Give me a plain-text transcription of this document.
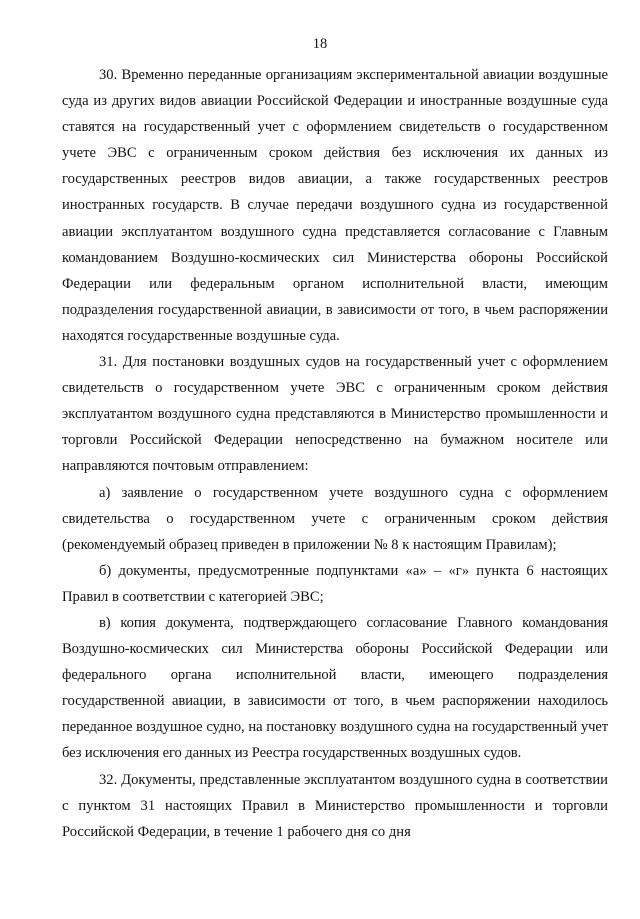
18

30. Временно переданные организациям экспериментальной авиации воздушные суда из других видов авиации Российской Федерации и иностранные воздушные суда ставятся на государственный учет с оформлением свидетельств о государственном учете ЭВС с ограниченным сроком действия без исключения их данных из государственных реестров видов авиации, а также государственных реестров иностранных государств. В случае передачи воздушного судна из государственной авиации эксплуатантом воздушного судна представляется согласование с Главным командованием Воздушно-космических сил Министерства обороны Российской Федерации или федеральным органом исполнительной власти, имеющим подразделения государственной авиации, в зависимости от того, в чьем распоряжении находятся государственные воздушные суда.

31. Для постановки воздушных судов на государственный учет с оформлением свидетельств о государственном учете ЭВС с ограниченным сроком действия эксплуатантом воздушного судна представляются в Министерство промышленности и торговли Российской Федерации непосредственно на бумажном носителе или направляются почтовым отправлением:

а) заявление о государственном учете воздушного судна с оформлением свидетельства о государственном учете с ограниченным сроком действия (рекомендуемый образец приведен в приложении № 8 к настоящим Правилам);

б) документы, предусмотренные подпунктами «а» – «г» пункта 6 настоящих Правил в соответствии с категорией ЭВС;

в) копия документа, подтверждающего согласование Главного командования Воздушно-космических сил Министерства обороны Российской Федерации или федерального органа исполнительной власти, имеющего подразделения государственной авиации, в зависимости от того, в чьем распоряжении находилось переданное воздушное судно, на постановку воздушного судна на государственный учет без исключения его данных из Реестра государственных воздушных судов.

32. Документы, представленные эксплуатантом воздушного судна в соответствии с пунктом 31 настоящих Правил в Министерство промышленности и торговли Российской Федерации, в течение 1 рабочего дня со дня
